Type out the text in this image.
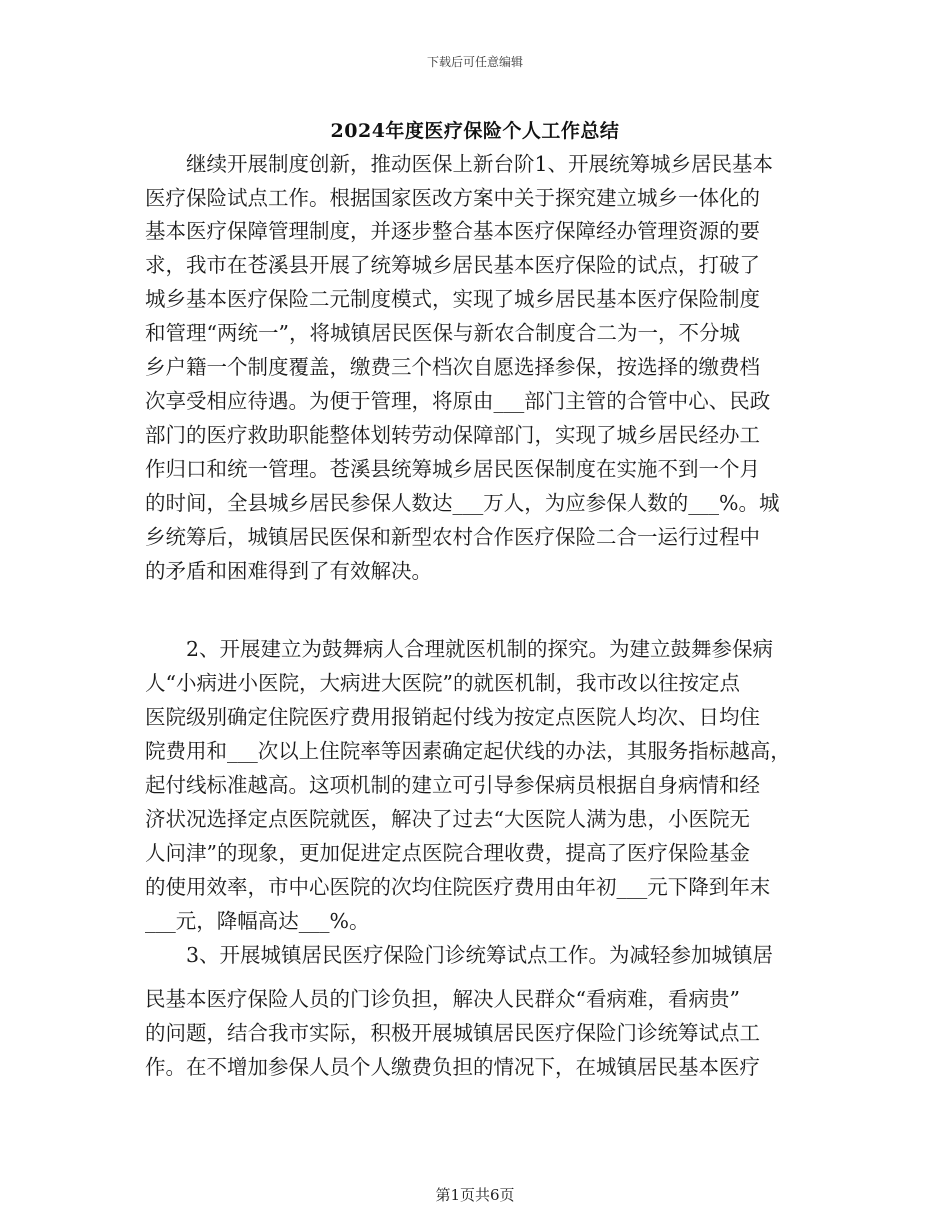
下载后可任意编辑
2024年度医疗保险个人工作总结
　　继续开展制度创新，推动医保上新台阶1、开展统筹城乡居民基本
医疗保险试点工作。根据国家医改方案中关于探究建立城乡一体化的
基本医疗保障管理制度，并逐步整合基本医疗保障经办管理资源的要
求，我市在苍溪县开展了统筹城乡居民基本医疗保险的试点，打破了
城乡基本医疗保险二元制度模式，实现了城乡居民基本医疗保险制度
和管理“两统一”，将城镇居民医保与新农合制度合二为一，不分城
乡户籍一个制度覆盖，缴费三个档次自愿选择参保，按选择的缴费档
次享受相应待遇。为便于管理，将原由___部门主管的合管中心、民政
部门的医疗救助职能整体划转劳动保障部门，实现了城乡居民经办工
作归口和统一管理。苍溪县统筹城乡居民医保制度在实施不到一个月
的时间，全县城乡居民参保人数达___万人，为应参保人数的___%。城
乡统筹后，城镇居民医保和新型农村合作医疗保险二合一运行过程中
的矛盾和困难得到了有效解决。
　　2、开展建立为鼓舞病人合理就医机制的探究。为建立鼓舞参保病
人“小病进小医院，大病进大医院”的就医机制，我市改以往按定点
医院级别确定住院医疗费用报销起付线为按定点医院人均次、日均住
院费用和___次以上住院率等因素确定起伏线的办法，其服务指标越高，
起付线标准越高。这项机制的建立可引导参保病员根据自身病情和经
济状况选择定点医院就医，解决了过去“大医院人满为患，小医院无
人问津”的现象，更加促进定点医院合理收费，提高了医疗保险基金
的使用效率，市中心医院的次均住院医疗费用由年初___元下降到年末
___元，降幅高达___%。
　　3、开展城镇居民医疗保险门诊统筹试点工作。为减轻参加城镇居
民基本医疗保险人员的门诊负担，解决人民群众“看病难，看病贵”
的问题，结合我市实际，积极开展城镇居民医疗保险门诊统筹试点工
作。在不增加参保人员个人缴费负担的情况下，在城镇居民基本医疗
第1页共6页
